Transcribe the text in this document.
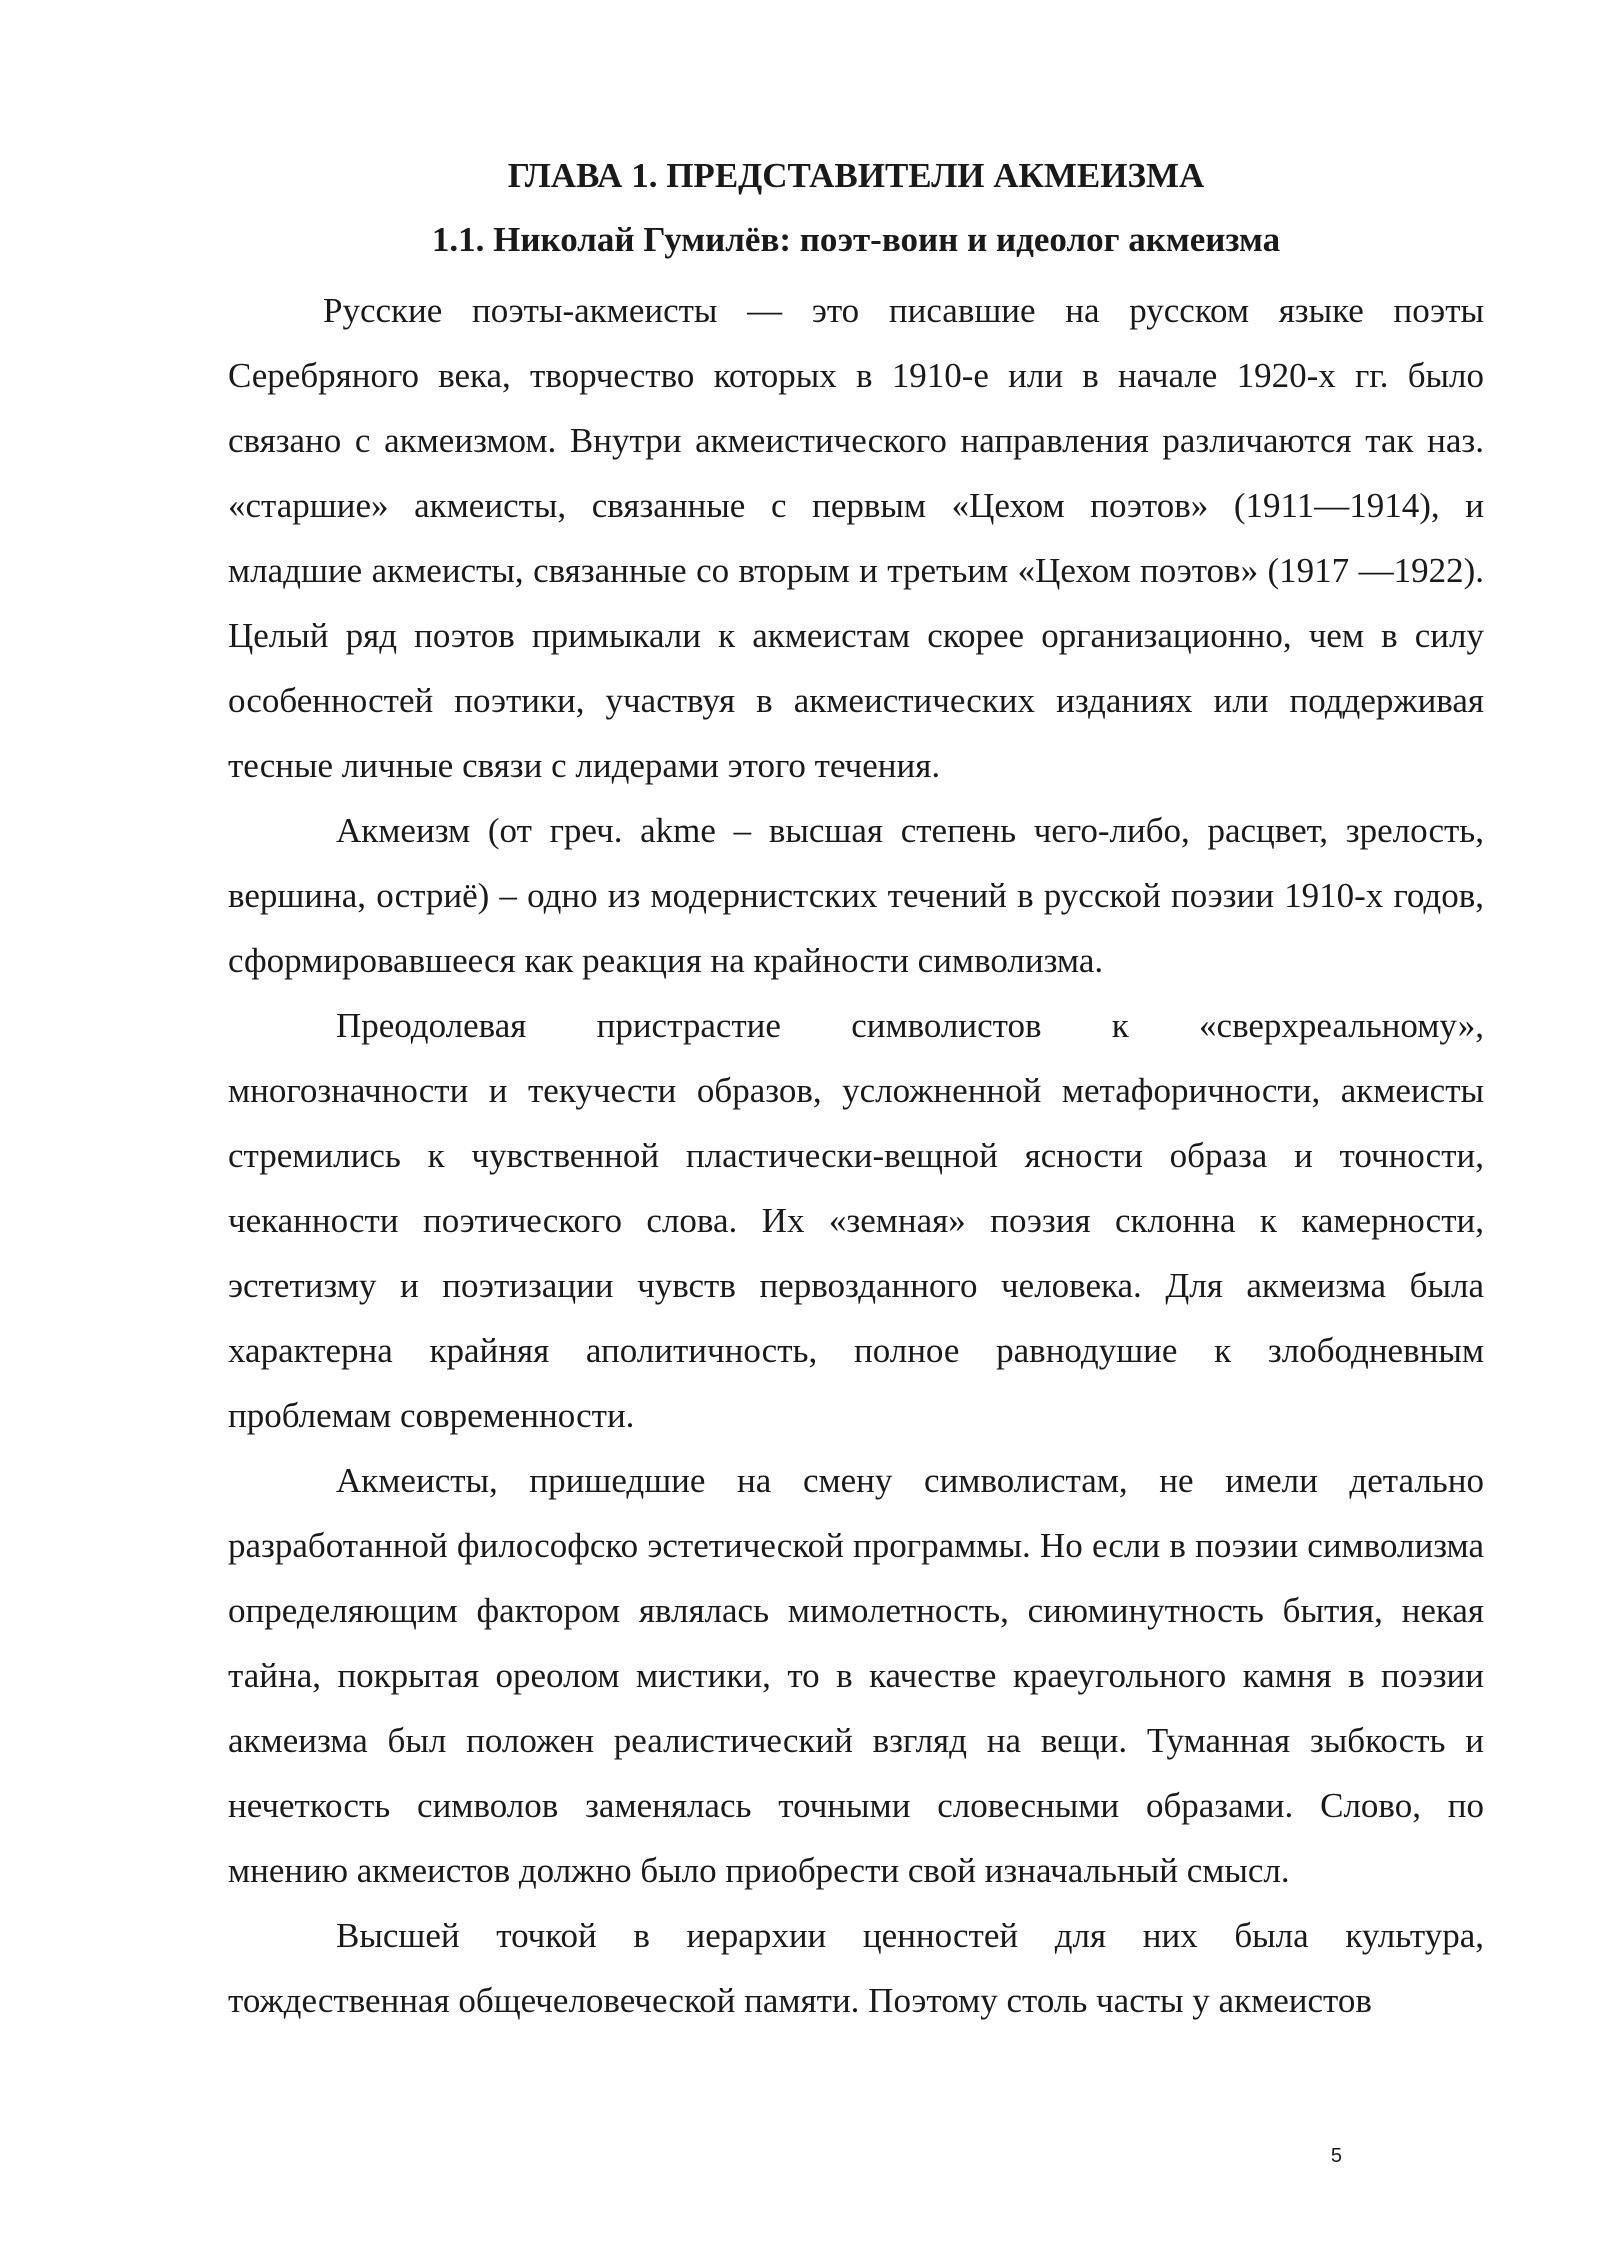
ГЛАВА 1. ПРЕДСТАВИТЕЛИ АКМЕИЗМА
1.1. Николай Гумилёв: поэт-воин и идеолог акмеизма

Русские поэты-акмеисты — это писавшие на русском языке поэты Серебряного века, творчество которых в 1910-е или в начале 1920-х гг. было связано с акмеизмом. Внутри акмеистического направления различаются так наз. «старшие» акмеисты, связанные с первым «Цехом поэтов» (1911—1914), и младшие акмеисты, связанные со вторым и третьим «Цехом поэтов» (1917 —1922). Целый ряд поэтов примыкали к акмеистам скорее организационно, чем в силу особенностей поэтики, участвуя в акмеистических изданиях или поддерживая тесные личные связи с лидерами этого течения.

Акмеизм (от греч. akme – высшая степень чего-либо, расцвет, зрелость, вершина, остриё) – одно из модернистских течений в русской поэзии 1910-х годов, сформировавшееся как реакция на крайности символизма.

Преодолевая пристрастие символистов к «сверхреальному», многозначности и текучести образов, усложненной метафоричности, акмеисты стремились к чувственной пластически-вещной ясности образа и точности, чеканности поэтического слова. Их «земная» поэзия склонна к камерности, эстетизму и поэтизации чувств первозданного человека. Для акмеизма была характерна крайняя аполитичность, полное равнодушие к злободневным проблемам современности.

Акмеисты, пришедшие на смену символистам, не имели детально разработанной философско эстетической программы. Но если в поэзии символизма определяющим фактором являлась мимолетность, сиюминутность бытия, некая тайна, покрытая ореолом мистики, то в качестве краеугольного камня в поэзии акмеизма был положен реалистический взгляд на вещи. Туманная зыбкость и нечеткость символов заменялась точными словесными образами. Слово, по мнению акмеистов должно было приобрести свой изначальный смысл.

Высшей точкой в иерархии ценностей для них была культура, тождественная общечеловеческой памяти. Поэтому столь часты у акмеистов

5
